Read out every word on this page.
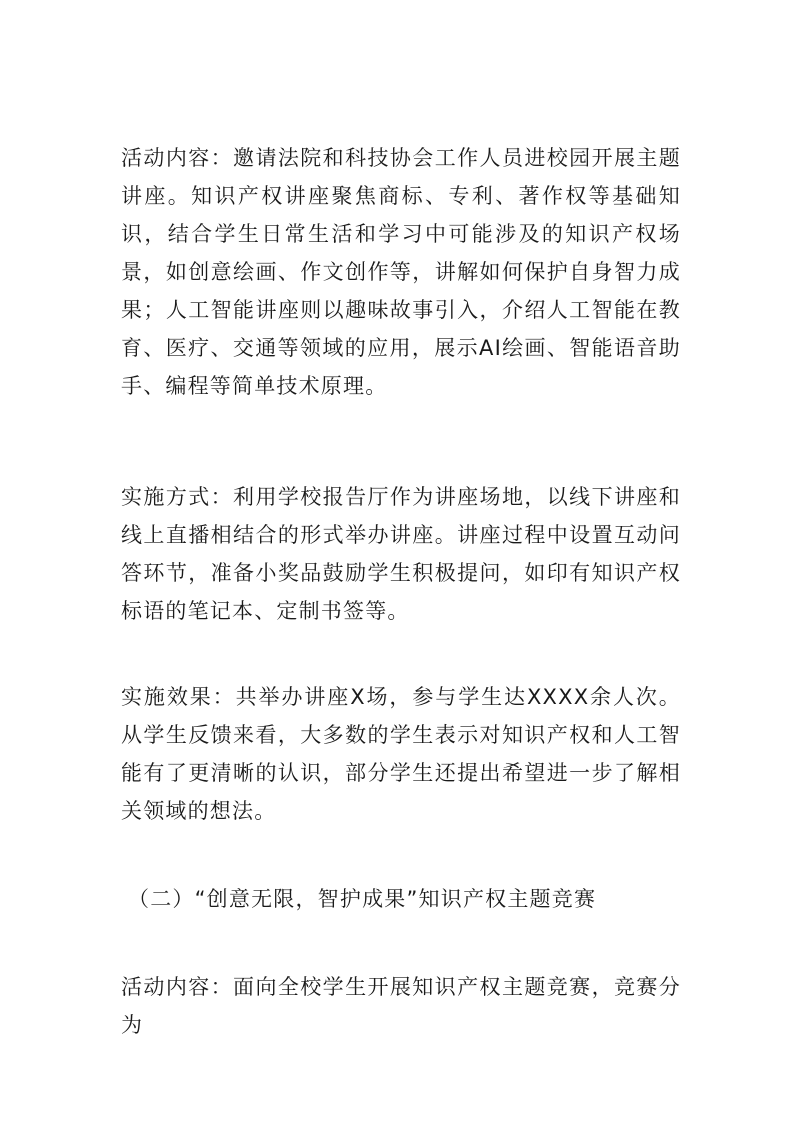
活动内容：邀请法院和科技协会工作人员进校园开展主题讲座。知识产权讲座聚焦商标、专利、著作权等基础知识，结合学生日常生活和学习中可能涉及的知识产权场景，如创意绘画、作文创作等，讲解如何保护自身智力成果；人工智能讲座则以趣味故事引入，介绍人工智能在教育、医疗、交通等领域的应用，展示AI绘画、智能语音助手、编程等简单技术原理。

实施方式：利用学校报告厅作为讲座场地，以线下讲座和线上直播相结合的形式举办讲座。讲座过程中设置互动问答环节，准备小奖品鼓励学生积极提问，如印有知识产权标语的笔记本、定制书签等。

实施效果：共举办讲座X场，参与学生达XXXX余人次。从学生反馈来看，大多数的学生表示对知识产权和人工智能有了更清晰的认识，部分学生还提出希望进一步了解相关领域的想法。

（二）“创意无限，智护成果”知识产权主题竞赛

活动内容：面向全校学生开展知识产权主题竞赛，竞赛分为
